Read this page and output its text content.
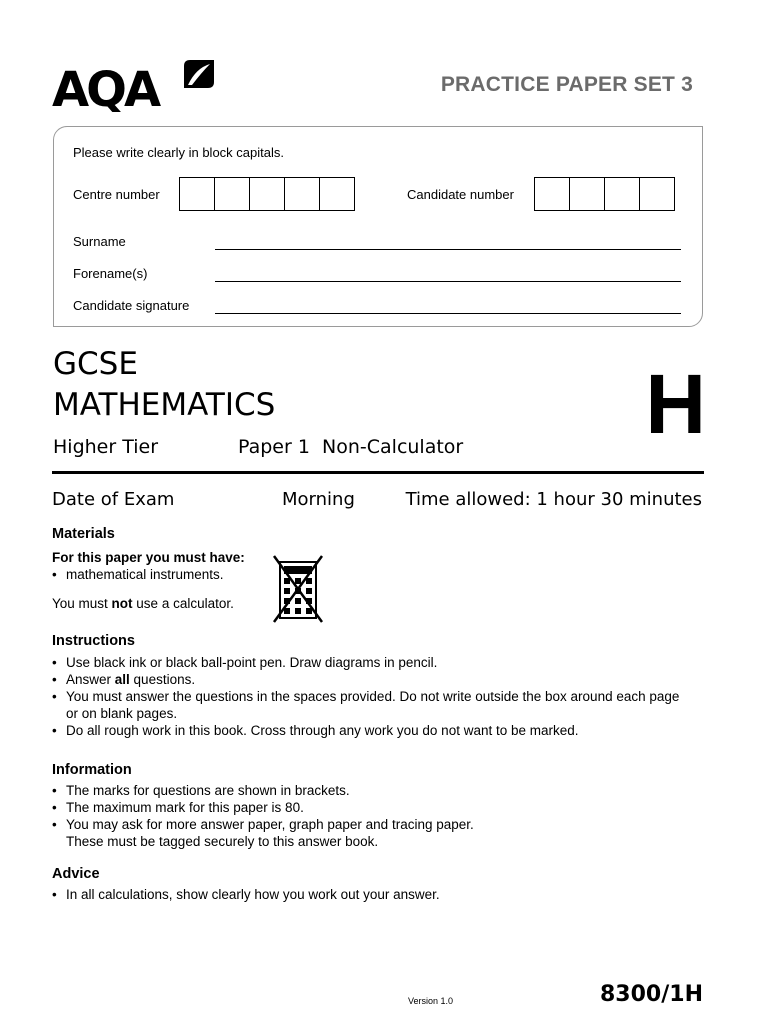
AQA	PRACTICE PAPER SET 3
Please write clearly in block capitals.
Centre number	Candidate number
Surname
Forename(s)
Candidate signature
GCSE
MATHEMATICS
Higher Tier	Paper 1  Non-Calculator H
Date of Exam	Morning	Time allowed: 1 hour 30 minutes
Materials
For this paper you must have:
• mathematical instruments.
You must not use a calculator.
Instructions
• Use black ink or black ball-point pen. Draw diagrams in pencil.
• Answer all questions.
• You must answer the questions in the spaces provided. Do not write outside the box around each page or on blank pages.
• Do all rough work in this book. Cross through any work you do not want to be marked.
Information
• The marks for questions are shown in brackets.
• The maximum mark for this paper is 80.
• You may ask for more answer paper, graph paper and tracing paper.
These must be tagged securely to this answer book.
Advice
• In all calculations, show clearly how you work out your answer.
Version 1.0	8300/1H
